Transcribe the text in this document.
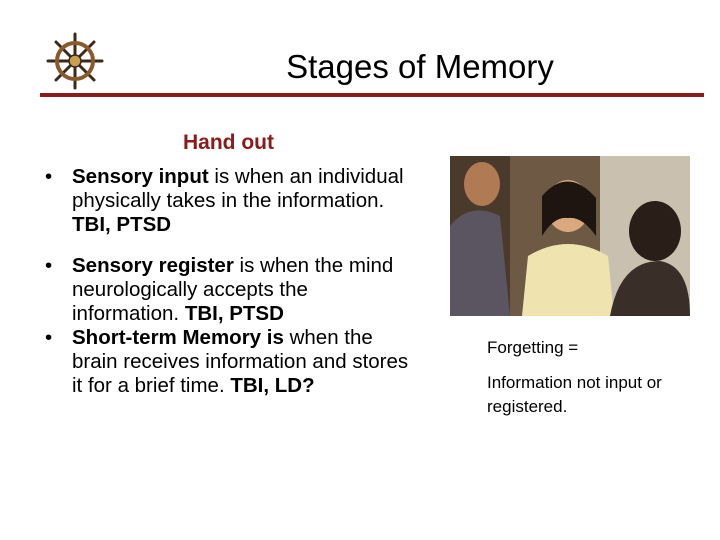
Stages of Memory
Hand out
• Sensory input is when an individual physically takes in the information. TBI, PTSD
• Sensory register is when the mind neurologically accepts the information. TBI, PTSD
• Short-term Memory is when the brain receives information and stores it for a brief time. TBI, LD?
Forgetting =
Information not input or registered.
